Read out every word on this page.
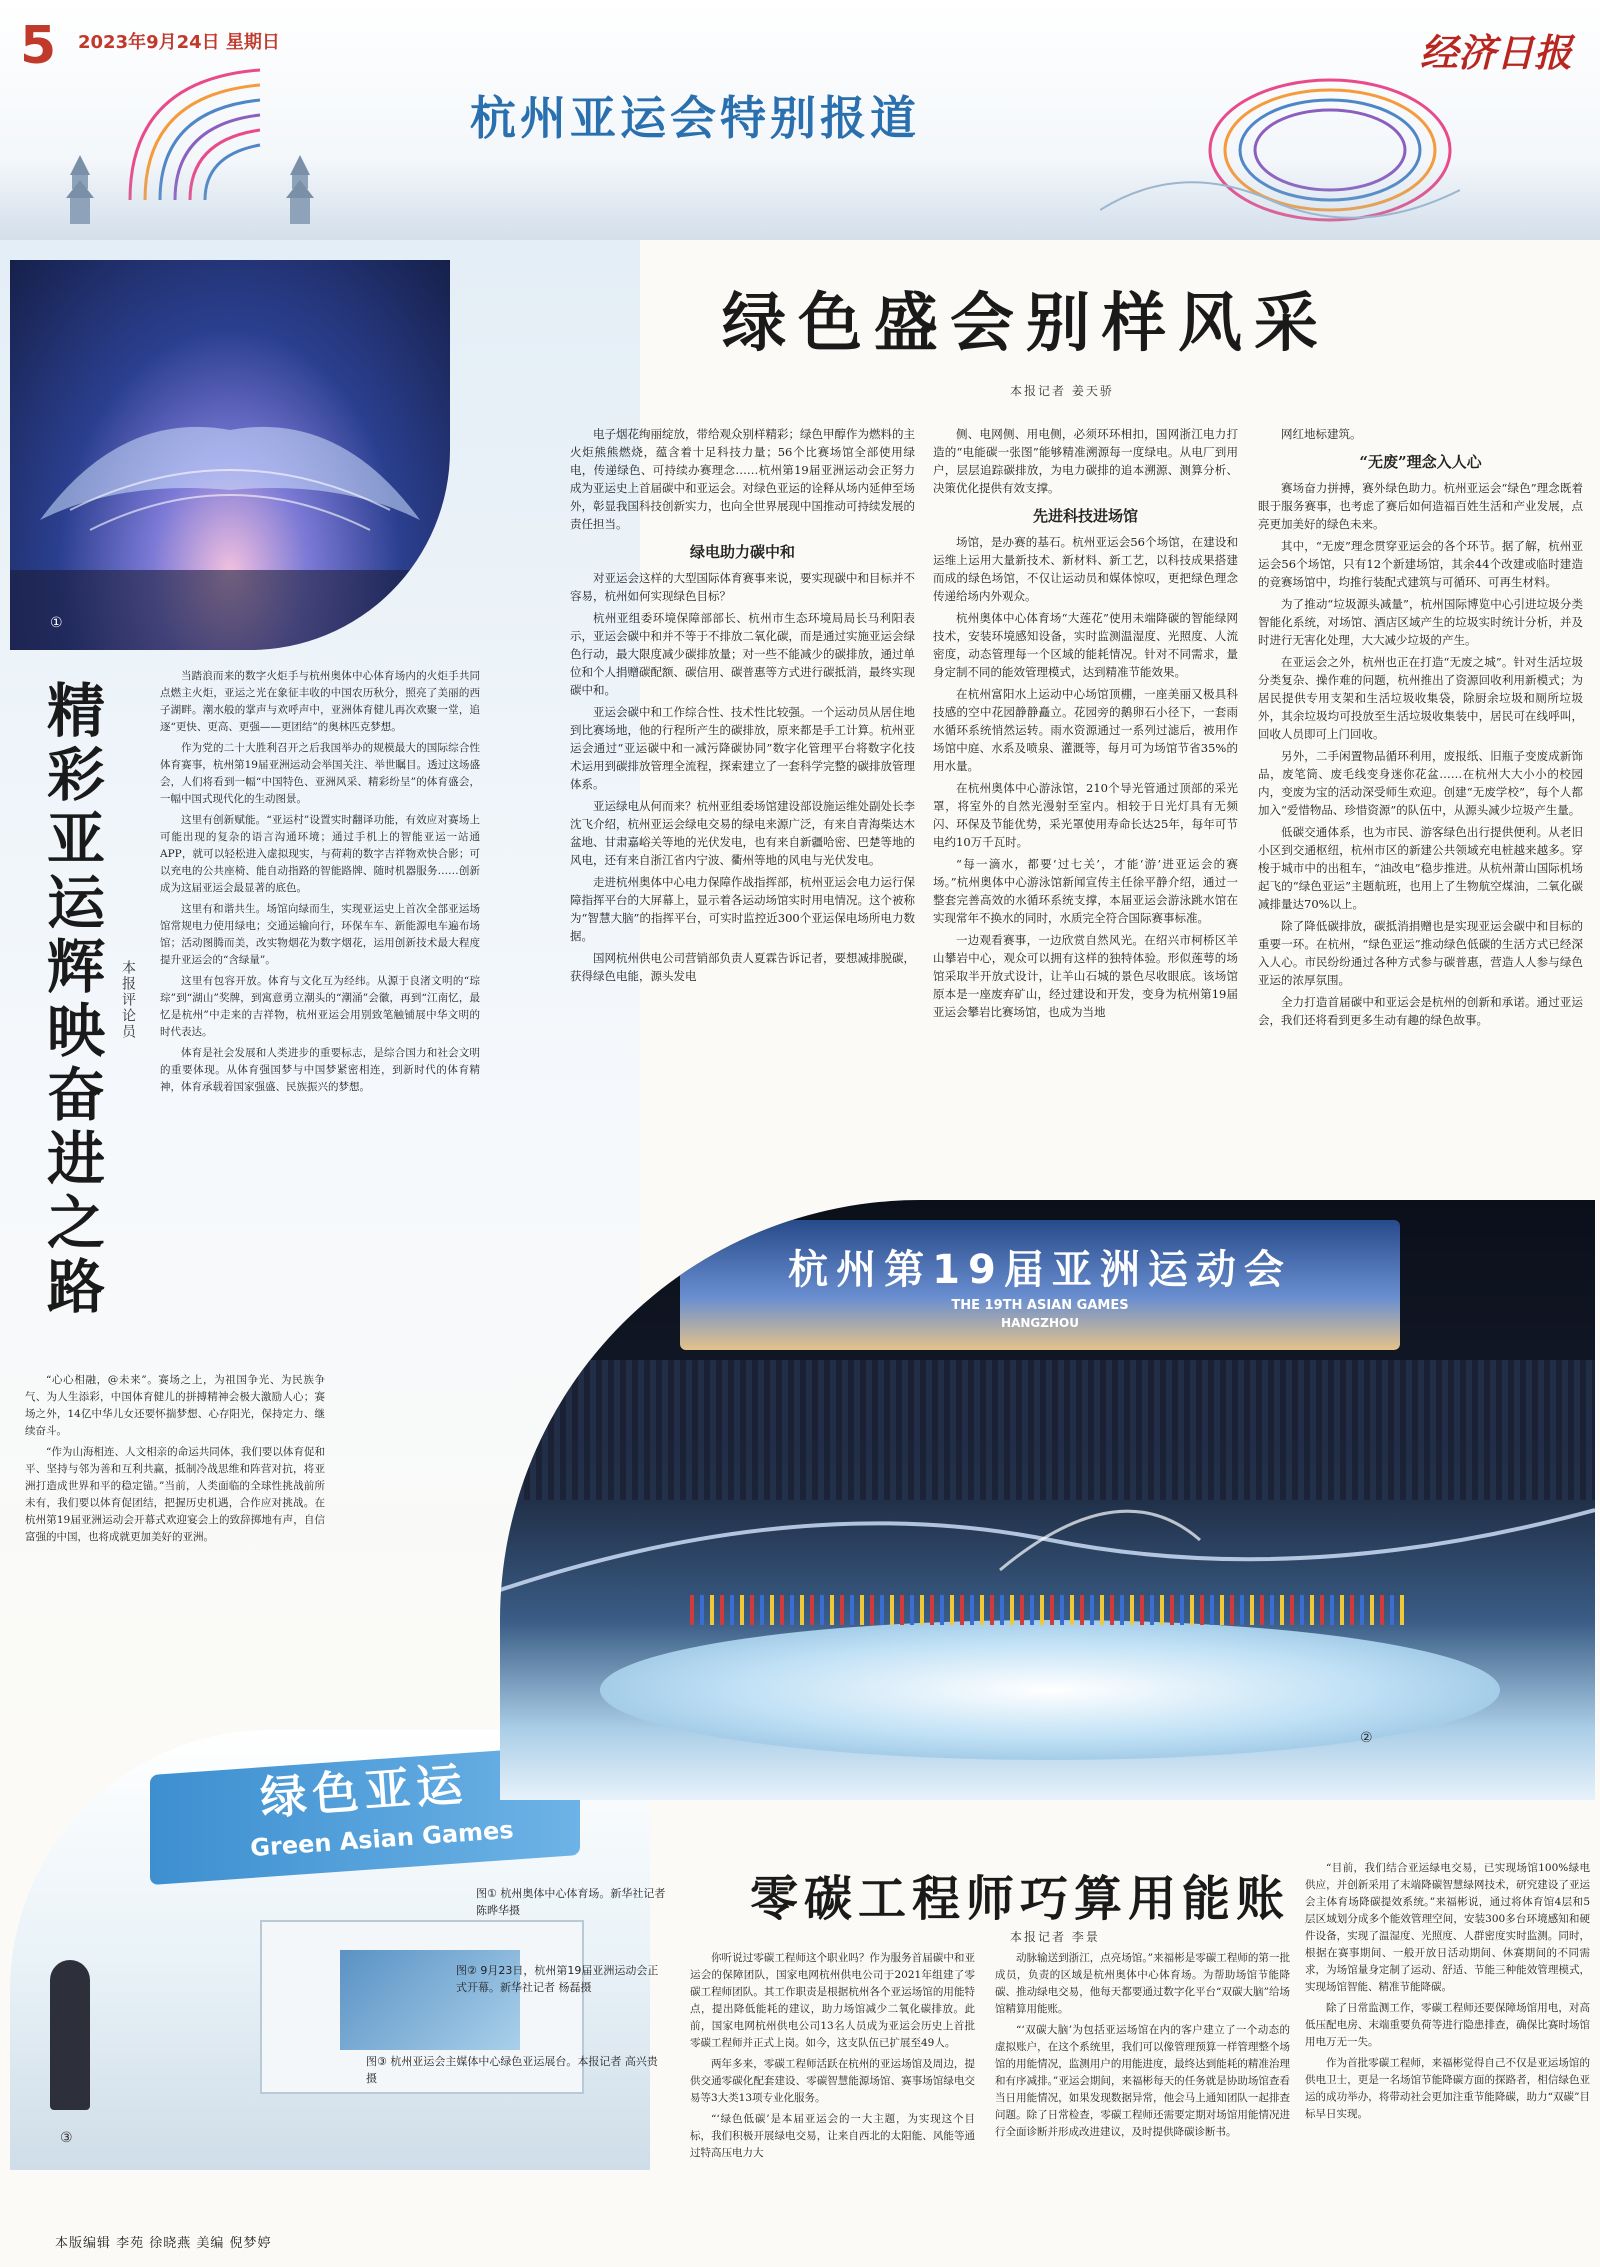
5 2023年9月24日 星期日
杭州亚运会特别报道
经济日报
①
精彩亚运辉映奋进之路 本报评论员

当踏浪而来的数字火炬手与杭州奥体中心体育场内的火炬手共同点燃主火炬，亚运之光在象征丰收的中国农历秋分，照亮了美丽的西子湖畔。潮水般的掌声与欢呼声中，亚洲体育健儿再次欢聚一堂，追逐“更快、更高、更强——更团结”的奥林匹克梦想。

作为党的二十大胜利召开之后我国举办的规模最大的国际综合性体育赛事，杭州第19届亚洲运动会举国关注、举世瞩目。透过这场盛会，人们将看到一幅“中国特色、亚洲风采、精彩纷呈”的体育盛会，一幅中国式现代化的生动图景。

这里有创新赋能。“亚运村”设置实时翻译功能，有效应对赛场上可能出现的复杂的语言沟通环境；通过手机上的智能亚运一站通APP，就可以轻松进入虚拟现实，与荷莉的数字吉祥物欢快合影；可以充电的公共座椅、能自动指路的智能路牌、随时机器服务……创新成为这届亚运会最显著的底色。

这里有和谐共生。场馆向绿而生，实现亚运史上首次全部亚运场馆常规电力使用绿电；交通运输向行，环保车车、新能源电车遍布场馆；活动图腾而美，改实物烟花为数字烟花，运用创新技术最大程度提升亚运会的“含绿量”。

这里有包容开放。体育与文化互为经纬。从源于良渚文明的“琮琮”到“湖山”奖牌，到寓意勇立潮头的“潮涌”会徽，再到“江南忆，最忆是杭州”中走来的吉祥物，杭州亚运会用别致笔触铺展中华文明的时代表达。

体育是社会发展和人类进步的重要标志，是综合国力和社会文明的重要体现。从体育强国梦与中国梦紧密相连，到新时代的体育精神，体育承载着国家强盛、民族振兴的梦想。

“心心相融，@未来”。赛场之上，为祖国争光、为民族争气、为人生添彩，中国体育健儿的拼搏精神会极大激励人心；赛场之外，14亿中华儿女还要怀揣梦想、心存阳光，保持定力、继续奋斗。

“作为山海相连、人文相亲的命运共同体，我们要以体育促和平、坚持与邻为善和互利共赢，抵制冷战思维和阵营对抗，将亚洲打造成世界和平的稳定锚。”当前，人类面临的全球性挑战前所未有，我们要以体育促团结，把握历史机遇，合作应对挑战。在杭州第19届亚洲运动会开幕式欢迎宴会上的致辞掷地有声，自信富强的中国，也将成就更加美好的亚洲。

绿色亚运
Green Asian Games
③
图① 杭州奥体中心体育场。新华社记者 陈晔华摄
图② 9月23日，杭州第19届亚洲运动会正式开幕。新华社记者 杨磊摄
图③ 杭州亚运会主媒体中心绿色亚运展台。本报记者 高兴贵摄
绿色盛会别样风采
本报记者 姜天骄

电子烟花绚丽绽放，带给观众别样精彩；绿色甲醇作为燃料的主火炬熊熊燃烧，蕴含着十足科技力量；56个比赛场馆全部使用绿电，传递绿色、可持续办赛理念……杭州第19届亚洲运动会正努力成为亚运史上首届碳中和亚运会。对绿色亚运的诠释从场内延伸至场外，彰显我国科技创新实力，也向全世界展现中国推动可持续发展的责任担当。

绿电助力碳中和

对亚运会这样的大型国际体育赛事来说，要实现碳中和目标并不容易，杭州如何实现绿色目标？

杭州亚组委环境保障部部长、杭州市生态环境局局长马利阳表示，亚运会碳中和并不等于不排放二氧化碳，而是通过实施亚运会绿色行动，最大限度减少碳排放量；对一些不能减少的碳排放，通过单位和个人捐赠碳配额、碳信用、碳普惠等方式进行碳抵消，最终实现碳中和。

亚运会碳中和工作综合性、技术性比较强。一个运动员从居住地到比赛场地，他的行程所产生的碳排放，原来都是手工计算。杭州亚运会通过“亚运碳中和一减污降碳协同”数字化管理平台将数字化技术运用到碳排放管理全流程，探索建立了一套科学完整的碳排放管理体系。

亚运绿电从何而来？杭州亚组委场馆建设部设施运维处副处长李沈飞介绍，杭州亚运会绿电交易的绿电来源广泛，有来自青海柴达木盆地、甘肃嘉峪关等地的光伏发电，也有来自新疆哈密、巴楚等地的风电，还有来自浙江省内宁波、衢州等地的风电与光伏发电。

走进杭州奥体中心电力保障作战指挥部，杭州亚运会电力运行保障指挥平台的大屏幕上，显示着各运动场馆实时用电情况。这个被称为“智慧大脑”的指挥平台，可实时监控近300个亚运保电场所电力数据。

国网杭州供电公司营销部负责人夏霖告诉记者，要想减排脱碳，获得绿色电能，源头发电

侧、电网侧、用电侧，必须环环相扣，国网浙江电力打造的“电能碳一张图”能够精准溯源每一度绿电。从电厂到用户，层层追踪碳排放，为电力碳排的追本溯源、测算分析、决策优化提供有效支撑。

先进科技进场馆

场馆，是办赛的基石。杭州亚运会56个场馆，在建设和运维上运用大量新技术、新材料、新工艺，以科技成果搭建而成的绿色场馆，不仅让运动员和媒体惊叹，更把绿色理念传递给场内外观众。

杭州奥体中心体育场“大莲花”使用未端降碳的智能绿网技术，安装环境感知设备，实时监测温湿度、光照度、人流密度，动态管理每一个区域的能耗情况。针对不同需求，量身定制不同的能效管理模式，达到精准节能效果。

在杭州富阳水上运动中心场馆顶棚，一座美丽又极具科技感的空中花园静静矗立。花园旁的鹅卵石小径下，一套雨水循环系统悄然运转。雨水资源通过一系列过滤后，被用作场馆中庭、水系及喷泉、灌溉等，每月可为场馆节省35%的用水量。

在杭州奥体中心游泳馆，210个导光管通过顶部的采光罩，将室外的自然光漫射至室内。相较于日光灯具有无频闪、环保及节能优势，采光罩使用寿命长达25年，每年可节电约10万千瓦时。

“每一滴水，都要‘过七关’，才能‘游’进亚运会的赛场。”杭州奥体中心游泳馆新闻宣传主任徐平静介绍，通过一整套完善高效的水循环系统支撑，本届亚运会游泳跳水馆在实现常年不换水的同时，水质完全符合国际赛事标准。

一边观看赛事，一边欣赏自然风光。在绍兴市柯桥区羊山攀岩中心，观众可以拥有这样的独特体验。形似莲萼的场馆采取半开放式设计，让羊山石城的景色尽收眼底。该场馆原本是一座废弃矿山，经过建设和开发，变身为杭州第19届亚运会攀岩比赛场馆，也成为当地

网红地标建筑。

“无废”理念入人心

赛场奋力拼搏，赛外绿色助力。杭州亚运会“绿色”理念既着眼于服务赛事，也考虑了赛后如何造福百姓生活和产业发展，点亮更加美好的绿色未来。

其中，“无废”理念贯穿亚运会的各个环节。据了解，杭州亚运会56个场馆，只有12个新建场馆，其余44个改建或临时建造的竞赛场馆中，均推行装配式建筑与可循环、可再生材料。

为了推动“垃圾源头减量”，杭州国际博览中心引进垃圾分类智能化系统，对场馆、酒店区域产生的垃圾实时统计分析，并及时进行无害化处理，大大减少垃圾的产生。

在亚运会之外，杭州也正在打造“无废之城”。针对生活垃圾分类复杂、操作难的问题，杭州推出了资源回收利用新模式；为居民提供专用支架和生活垃圾收集袋，除厨余垃圾和厕所垃圾外，其余垃圾均可投放至生活垃圾收集装中，居民可在线呼叫，回收人员即可上门回收。

另外，二手闲置物品循环利用，废报纸、旧瓶子变废成新饰品，废笔筒、废毛线变身迷你花盆……在杭州大大小小的校园内，变废为宝的活动深受师生欢迎。创建“无废学校”，每个人都加入“爱惜物品、珍惜资源”的队伍中，从源头减少垃圾产生量。

低碳交通体系，也为市民、游客绿色出行提供便利。从老旧小区到交通枢纽，杭州市区的新建公共领域充电桩越来越多。穿梭于城市中的出租车，“油改电”稳步推进。从杭州萧山国际机场起飞的“绿色亚运”主题航班，也用上了生物航空煤油，二氧化碳减排量达70%以上。

除了降低碳排放，碳抵消捐赠也是实现亚运会碳中和目标的重要一环。在杭州，“绿色亚运”推动绿色低碳的生活方式已经深入人心。市民纷纷通过各种方式参与碳普惠，营造人人参与绿色亚运的浓厚氛围。

全力打造首届碳中和亚运会是杭州的创新和承诺。通过亚运会，我们还将看到更多生动有趣的绿色故事。

杭州第19届亚洲运动会
THE 19TH ASIAN GAMES
HANGZHOU
②
零碳工程师巧算用能账
本报记者 李景

你听说过零碳工程师这个职业吗？作为服务首届碳中和亚运会的保障团队，国家电网杭州供电公司于2021年组建了零碳工程师团队。其工作职责是根据杭州各个亚运场馆的用能特点，提出降低能耗的建议，助力场馆减少二氧化碳排放。此前，国家电网杭州供电公司13名人员成为亚运会历史上首批零碳工程师并正式上岗。如今，这支队伍已扩展至49人。

两年多来，零碳工程师活跃在杭州的亚运场馆及周边，提供交通零碳化配套建设、零碳智慧能源场馆、赛事场馆绿电交易等3大类13项专业化服务。

“‘绿色低碳’是本届亚运会的一大主题，为实现这个目标，我们积极开展绿电交易，让来自西北的太阳能、风能等通过特高压电力大

动脉输送到浙江，点亮场馆。”来福彬是零碳工程师的第一批成员，负责的区域是杭州奥体中心体育场。为帮助场馆节能降碳、推动绿电交易，他每天都要通过数字化平台“双碳大脑”给场馆精算用能账。

“‘双碳大脑’为包括亚运场馆在内的客户建立了一个动态的虚拟账户，在这个系统里，我们可以像管理预算一样管理整个场馆的用能情况，监测用户的用能进度，最终达到能耗的精准治理和有序减排。”亚运会期间，来福彬每天的任务就是协助场馆查看当日用能情况，如果发现数据异常，他会马上通知团队一起排查问题。除了日常检查，零碳工程师还需要定期对场馆用能情况进行全面诊断并形成改进建议，及时提供降碳诊断书。

“目前，我们结合亚运绿电交易，已实现场馆100%绿电供应，并创新采用了末端降碳智慧绿网技术，研究建设了亚运会主体育场降碳提效系统。”来福彬说，通过将体育馆4层和5层区域划分成多个能效管理空间，安装300多台环境感知和硬件设备，实现了温湿度、光照度、人群密度实时监测。同时，根据在赛事期间、一般开放日活动期间、休赛期间的不同需求，为场馆量身定制了运动、舒适、节能三种能效管理模式，实现场馆智能、精准节能降碳。

除了日常监测工作，零碳工程师还要保障场馆用电，对高低压配电房、末端重要负荷等进行隐患排查，确保比赛时场馆用电万无一失。

作为首批零碳工程师，来福彬觉得自己不仅是亚运场馆的供电卫士，更是一名场馆节能降碳方面的探路者，相信绿色亚运的成功举办，将带动社会更加注重节能降碳，助力“双碳”目标早日实现。

本版编辑 李苑 徐晓燕 美编 倪梦婷
